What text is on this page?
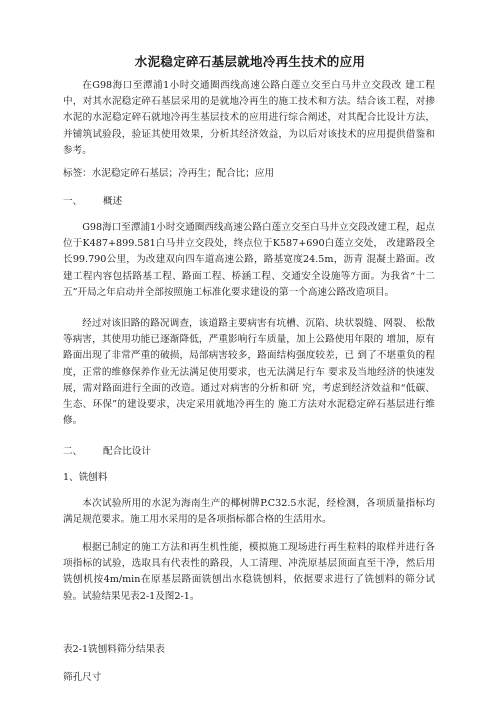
水泥稳定碎石基层就地冷再生技术的应用

在G98海口至潭浦1小时交通圈西线高速公路白莲立交至白马井立交段改 建工程中，对其水泥稳定碎石基层采用的是就地冷再生的施工技术和方法。结合该工程，对掺水泥的水泥稳定碎石就地冷再生基层技术的应用进行综合阐述，对其配合比设计方法，并铺筑试验段，验证其使用效果，分析其经济效益，为以后对该技术的应用提供借鉴和参考。

标签：水泥稳定碎石基层；冷再生；配合比；应用
一、 概述

G98海口至潭浦1小时交通圈西线高速公路白莲立交至白马井立交段改建工程，起点位于K487+899.581白马井立交段处，终点位于K587+690白莲立交处， 改建路段全长99.790公里，为改建双向四车道高速公路，路基宽度24.5m，沥青 混凝土路面。改建工程内容包括路基工程、路面工程、桥涵工程、交通安全设施等方面。为我省“十二五”开局之年启动并全部按照施工标准化要求建设的第一个高速公路改造项目。

经过对该旧路的路况调查，该道路主要病害有坑槽、沉陷、块状裂缝、网裂、 松散等病害，其使用功能已逐渐降低，严重影响行车质量，加上公路使用年限的 增加，原有路面出现了非常严重的破损，局部病害较多，路面结构强度较差，已 到了不堪重负的程度，正常的维修保养作业无法满足使用要求，也无法满足行车 要求及当地经济的快速发展，需对路面进行全面的改造。通过对病害的分析和研 究，考虑到经济效益和“低碳、生态、环保”的建设要求，决定采用就地冷再生的 施工方法对水泥稳定碎石基层进行维修。

二、 配合比设计
1、铣刨料

本次试验所用的水泥为海南生产的椰树牌P.C32.5水泥，经检测，各项质量指标均满足规范要求。施工用水采用的是各项指标都合格的生活用水。

根据已制定的施工方法和再生机性能，模拟施工现场进行再生粒料的取样并进行各项指标的试验，选取具有代表性的路段，人工清理、冲洗原基层顶面直至干净，然后用铣刨机按4m/min在原基层路面铣刨出水稳铣刨料，依据要求进行了铣刨料的筛分试验。试验结果见表2-1及图2-1。

表2-1铣刨料筛分结果表
筛孔尺寸
